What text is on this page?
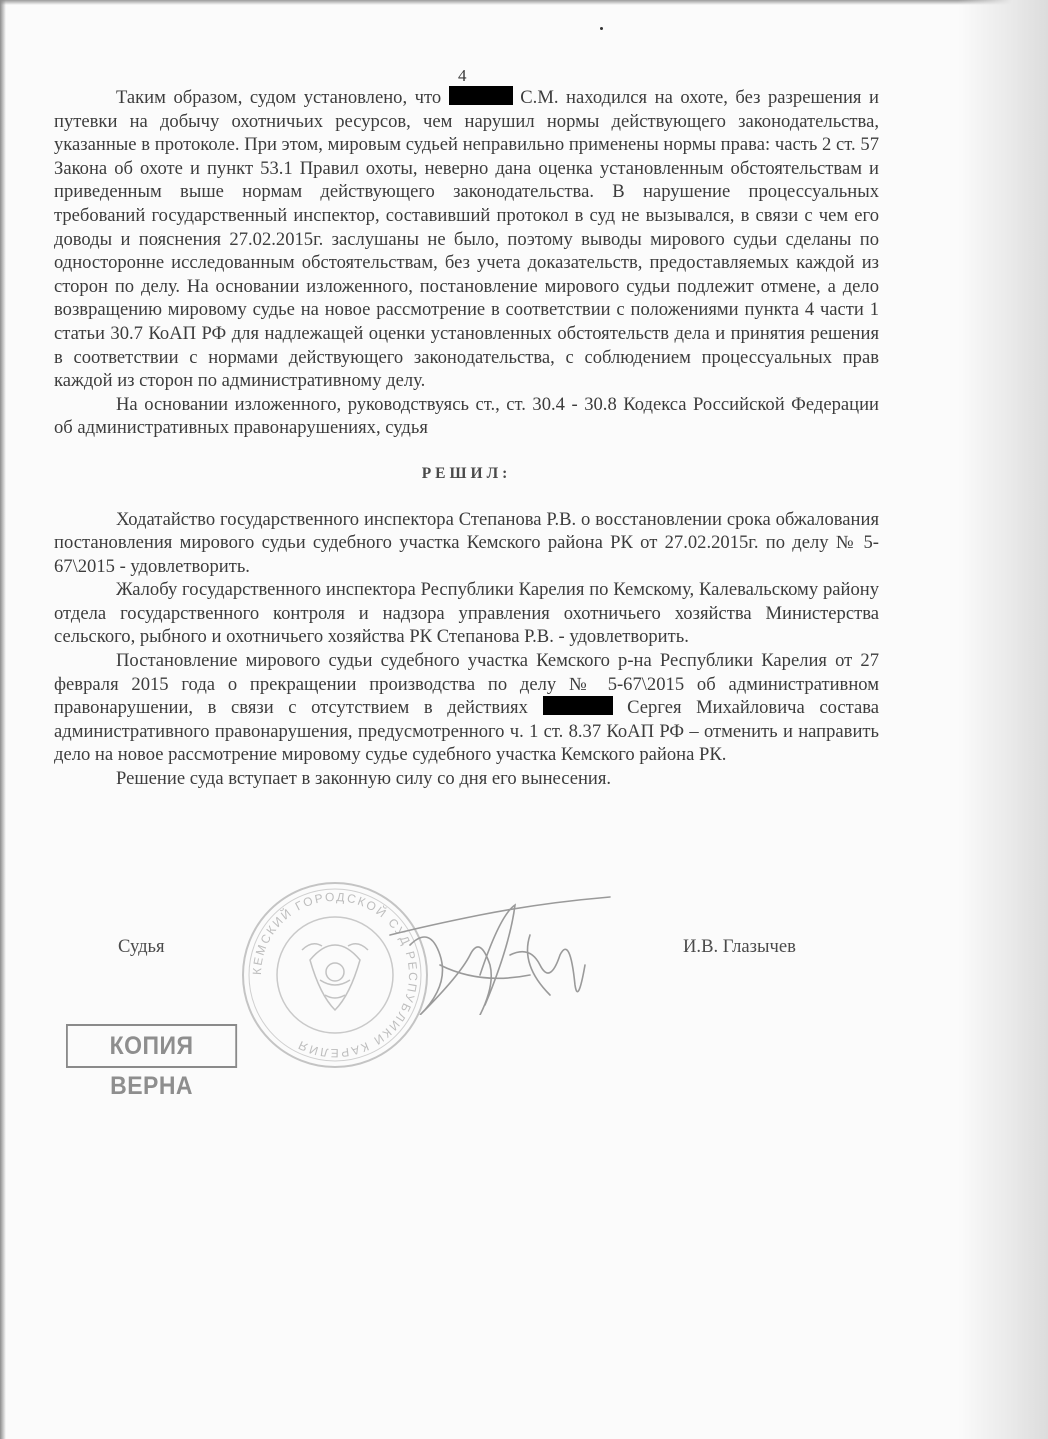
4

Таким образом, судом установлено, что	С.М. находился на охоте, без разрешения и путевки на добычу охотничьих ресурсов, чем нарушил нормы действующего законодательства, указанные в протоколе. При этом, мировым судьей неправильно применены нормы права: часть 2 ст. 57 Закона об охоте и пункт 53.1 Правил охоты, неверно дана оценка установленным обстоятельствам и приведенным выше нормам действующего законодательства. В нарушение процессуальных требований государственный инспектор, составивший протокол в суд не вызывался, в связи с чем его доводы и пояснения 27.02.2015г. заслушаны не было, поэтому выводы мирового судьи сделаны по односторонне исследованным обстоятельствам, без учета доказательств, предоставляемых каждой из сторон по делу. На основании изложенного, постановление мирового судьи подлежит отмене, а дело возвращению мировому судье на новое рассмотрение в соответствии с положениями пункта 4 части 1 статьи 30.7 КоАП РФ для надлежащей оценки установленных обстоятельств дела и принятия решения в соответствии с нормами действующего законодательства, с соблюдением процессуальных прав каждой из сторон по административному делу.

На основании изложенного, руководствуясь ст., ст. 30.4 - 30.8 Кодекса Российской Федерации об административных правонарушениях, судья

РЕШИЛ:

Ходатайство государственного инспектора Степанова Р.В. о восстановлении срока обжалования постановления мирового судьи судебного участка Кемского района РК от 27.02.2015г. по делу № 5-67\2015 - удовлетворить.

Жалобу государственного инспектора Республики Карелия по Кемскому, Калевальскому району отдела государственного контроля и надзора управления охотничьего хозяйства Министерства сельского, рыбного и охотничьего хозяйства РК Степанова Р.В. - удовлетворить.

Постановление мирового судьи судебного участка Кемского р-на Республики Карелия от 27 февраля 2015 года о прекращении производства по делу № 5-67\2015 об административном правонарушении, в связи с отсутствием в действиях	Сергея Михайловича состава административного правонарушения, предусмотренного ч. 1 ст. 8.37 КоАП РФ – отменить и направить дело на новое рассмотрение мировому судье судебного участка Кемского района РК.

Решение суда вступает в законную силу со дня его вынесения.

Судья	И.В. Глазычев
КЕМСКИЙ ГОРОДСКОЙ СУД РЕСПУБЛИКИ КАРЕЛИЯ
КОПИЯ ВЕРНА
